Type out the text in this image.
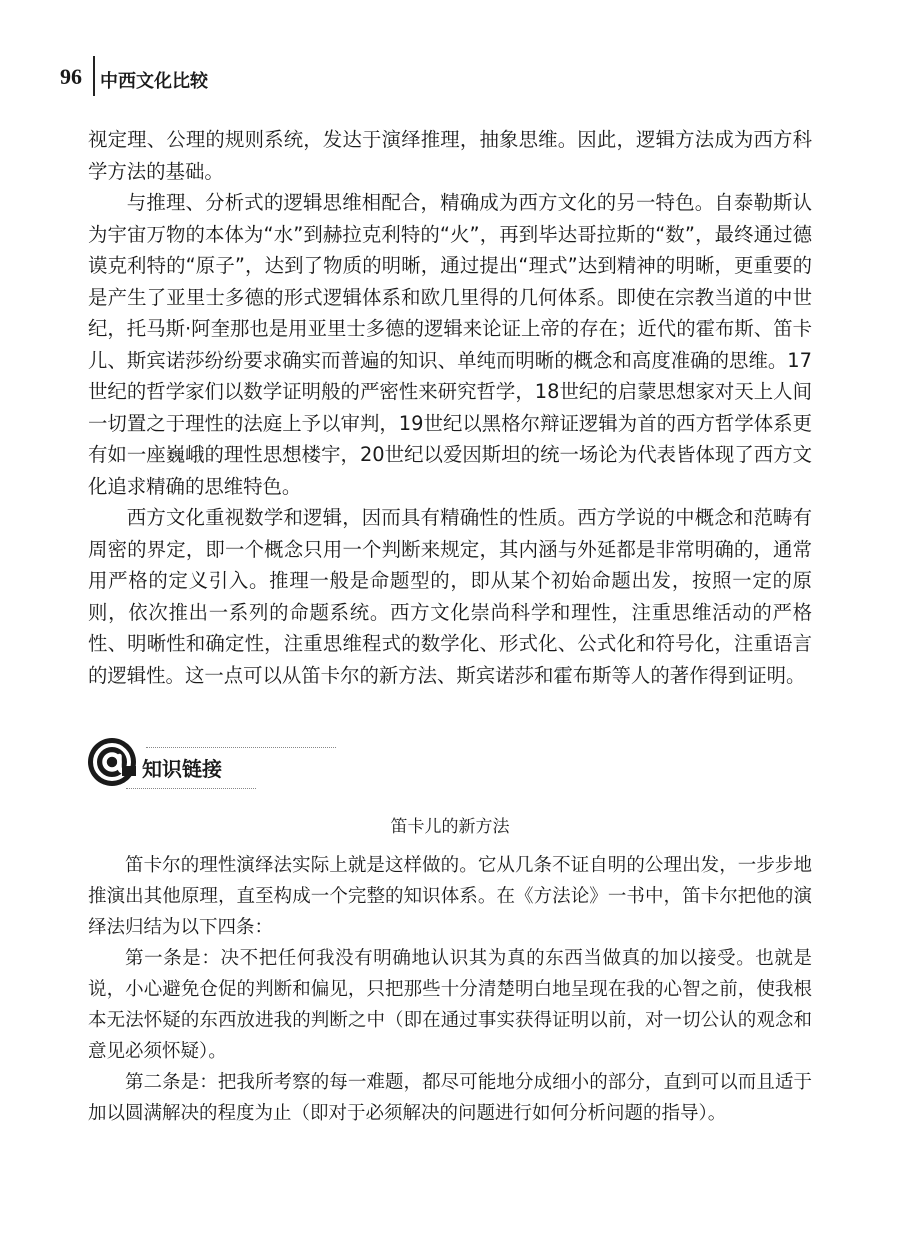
96 中西文化比较

视定理、公理的规则系统，发达于演绎推理，抽象思维。因此，逻辑方法成为西方科学方法的基础。

与推理、分析式的逻辑思维相配合，精确成为西方文化的另一特色。自泰勒斯认为宇宙万物的本体为“水”到赫拉克利特的“火”，再到毕达哥拉斯的“数”，最终通过德谟克利特的“原子”，达到了物质的明晰，通过提出“理式”达到精神的明晰，更重要的是产生了亚里士多德的形式逻辑体系和欧几里得的几何体系。即使在宗教当道的中世纪，托马斯·阿奎那也是用亚里士多德的逻辑来论证上帝的存在；近代的霍布斯、笛卡儿、斯宾诺莎纷纷要求确实而普遍的知识、单纯而明晰的概念和高度准确的思维。17世纪的哲学家们以数学证明般的严密性来研究哲学，18世纪的启蒙思想家对天上人间一切置之于理性的法庭上予以审判，19世纪以黑格尔辩证逻辑为首的西方哲学体系更有如一座巍峨的理性思想楼宇，20世纪以爱因斯坦的统一场论为代表皆体现了西方文化追求精确的思维特色。

西方文化重视数学和逻辑，因而具有精确性的性质。西方学说的中概念和范畴有周密的界定，即一个概念只用一个判断来规定，其内涵与外延都是非常明确的，通常用严格的定义引入。推理一般是命题型的，即从某个初始命题出发，按照一定的原则，依次推出一系列的命题系统。西方文化崇尚科学和理性，注重思维活动的严格性、明晰性和确定性，注重思维程式的数学化、形式化、公式化和符号化，注重语言的逻辑性。这一点可以从笛卡尔的新方法、斯宾诺莎和霍布斯等人的著作得到证明。

知识链接

笛卡儿的新方法

笛卡尔的理性演绎法实际上就是这样做的。它从几条不证自明的公理出发，一步步地推演出其他原理，直至构成一个完整的知识体系。在《方法论》一书中，笛卡尔把他的演绎法归结为以下四条：

第一条是：决不把任何我没有明确地认识其为真的东西当做真的加以接受。也就是说，小心避免仓促的判断和偏见，只把那些十分清楚明白地呈现在我的心智之前，使我根本无法怀疑的东西放进我的判断之中（即在通过事实获得证明以前，对一切公认的观念和意见必须怀疑）。

第二条是：把我所考察的每一难题，都尽可能地分成细小的部分，直到可以而且适于加以圆满解决的程度为止（即对于必须解决的问题进行如何分析问题的指导）。
